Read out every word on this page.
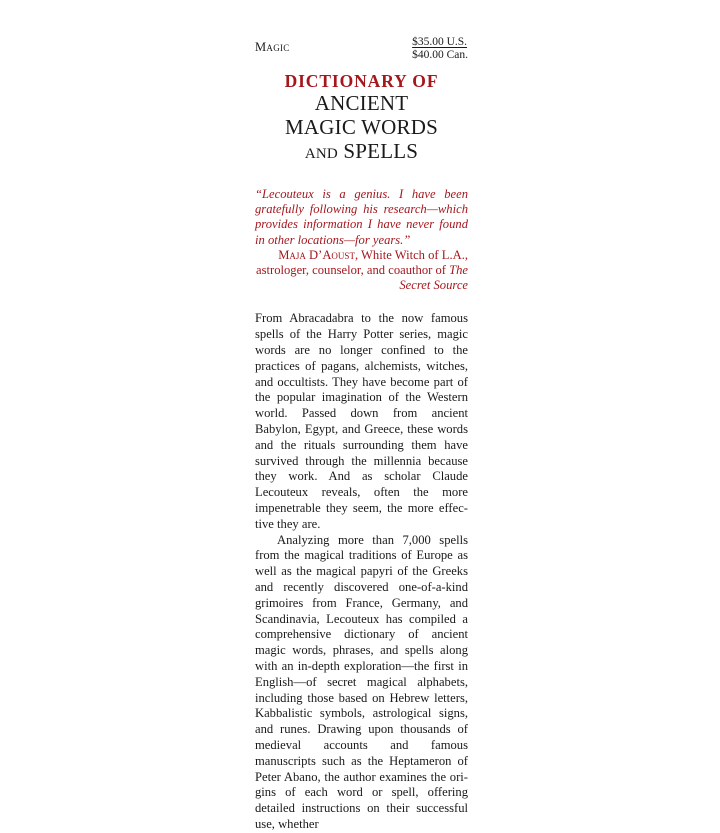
Magic	$35.00 U.S.
$40.00 Can.
DICTIONARY OF
ANCIENT
MAGIC WORDS
and SPELLS
“Lecouteux is a genius. I have been gratefully following his research—which provides information I have never found in other locations—for years.”
Maja D’Aoust, White Witch of L.A., astrologer, counselor, and coauthor of The Secret Source

From Abracadabra to the now famous spells of the Harry Potter series, magic words are no longer confined to the practices of pagans, alchemists, witches, and occultists. They have become part of the popular imagination of the Western world. Passed down from ancient Babylon, Egypt, and Greece, these words and the rituals surrounding them have survived through the millennia because they work. And as scholar Claude Lecouteux reveals, often the more impenetrable they seem, the more effective they are.

Analyzing more than 7,000 spells from the magical traditions of Europe as well as the magical papyri of the Greeks and recently discovered one-of-a-kind grimoires from France, Germany, and Scandinavia, Lecouteux has compiled a comprehensive dictionary of ancient magic words, phrases, and spells along with an in-depth exploration—the first in English—of secret magical alphabets, including those based on Hebrew letters, Kabbalistic symbols, astrological signs, and runes. Drawing upon thousands of medieval accounts and famous manuscripts such as the Heptameron of Peter Abano, the author examines the origins of each word or spell, offering detailed instructions on their successful use, whether
